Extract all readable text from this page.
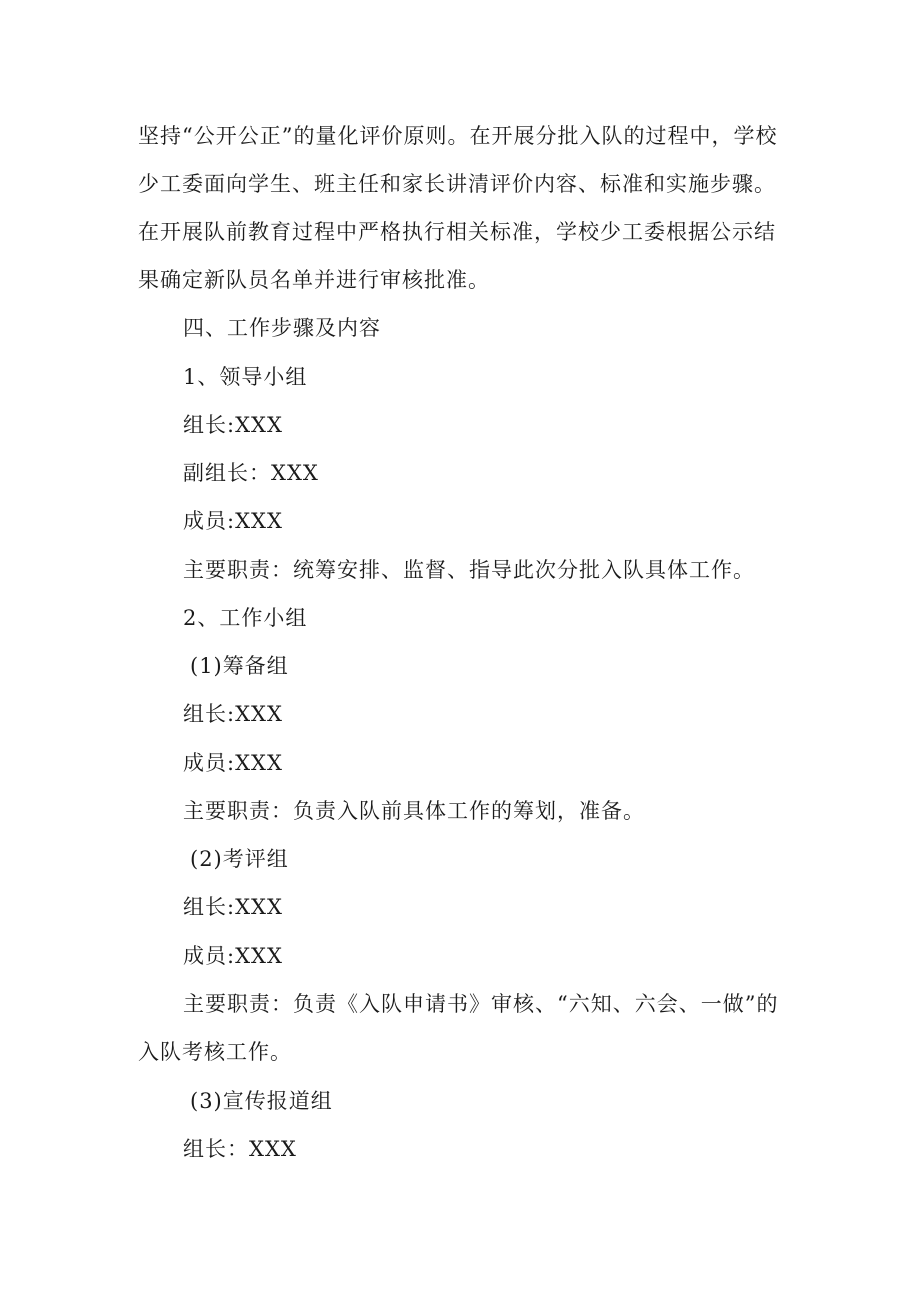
坚持“公开公正”的量化评价原则。在开展分批入队的过程中，学校少工委面向学生、班主任和家长讲清评价内容、标准和实施步骤。在开展队前教育过程中严格执行相关标准，学校少工委根据公示结果确定新队员名单并进行审核批准。

四、工作步骤及内容

1、领导小组

组长:XXX

副组长：XXX

成员:XXX

主要职责：统筹安排、监督、指导此次分批入队具体工作。

2、工作小组

(1)筹备组

组长:XXX

成员:XXX

主要职责：负责入队前具体工作的筹划，准备。

(2)考评组

组长:XXX

成员:XXX

主要职责：负责《入队申请书》审核、“六知、六会、一做”的入队考核工作。

(3)宣传报道组

组长：XXX
